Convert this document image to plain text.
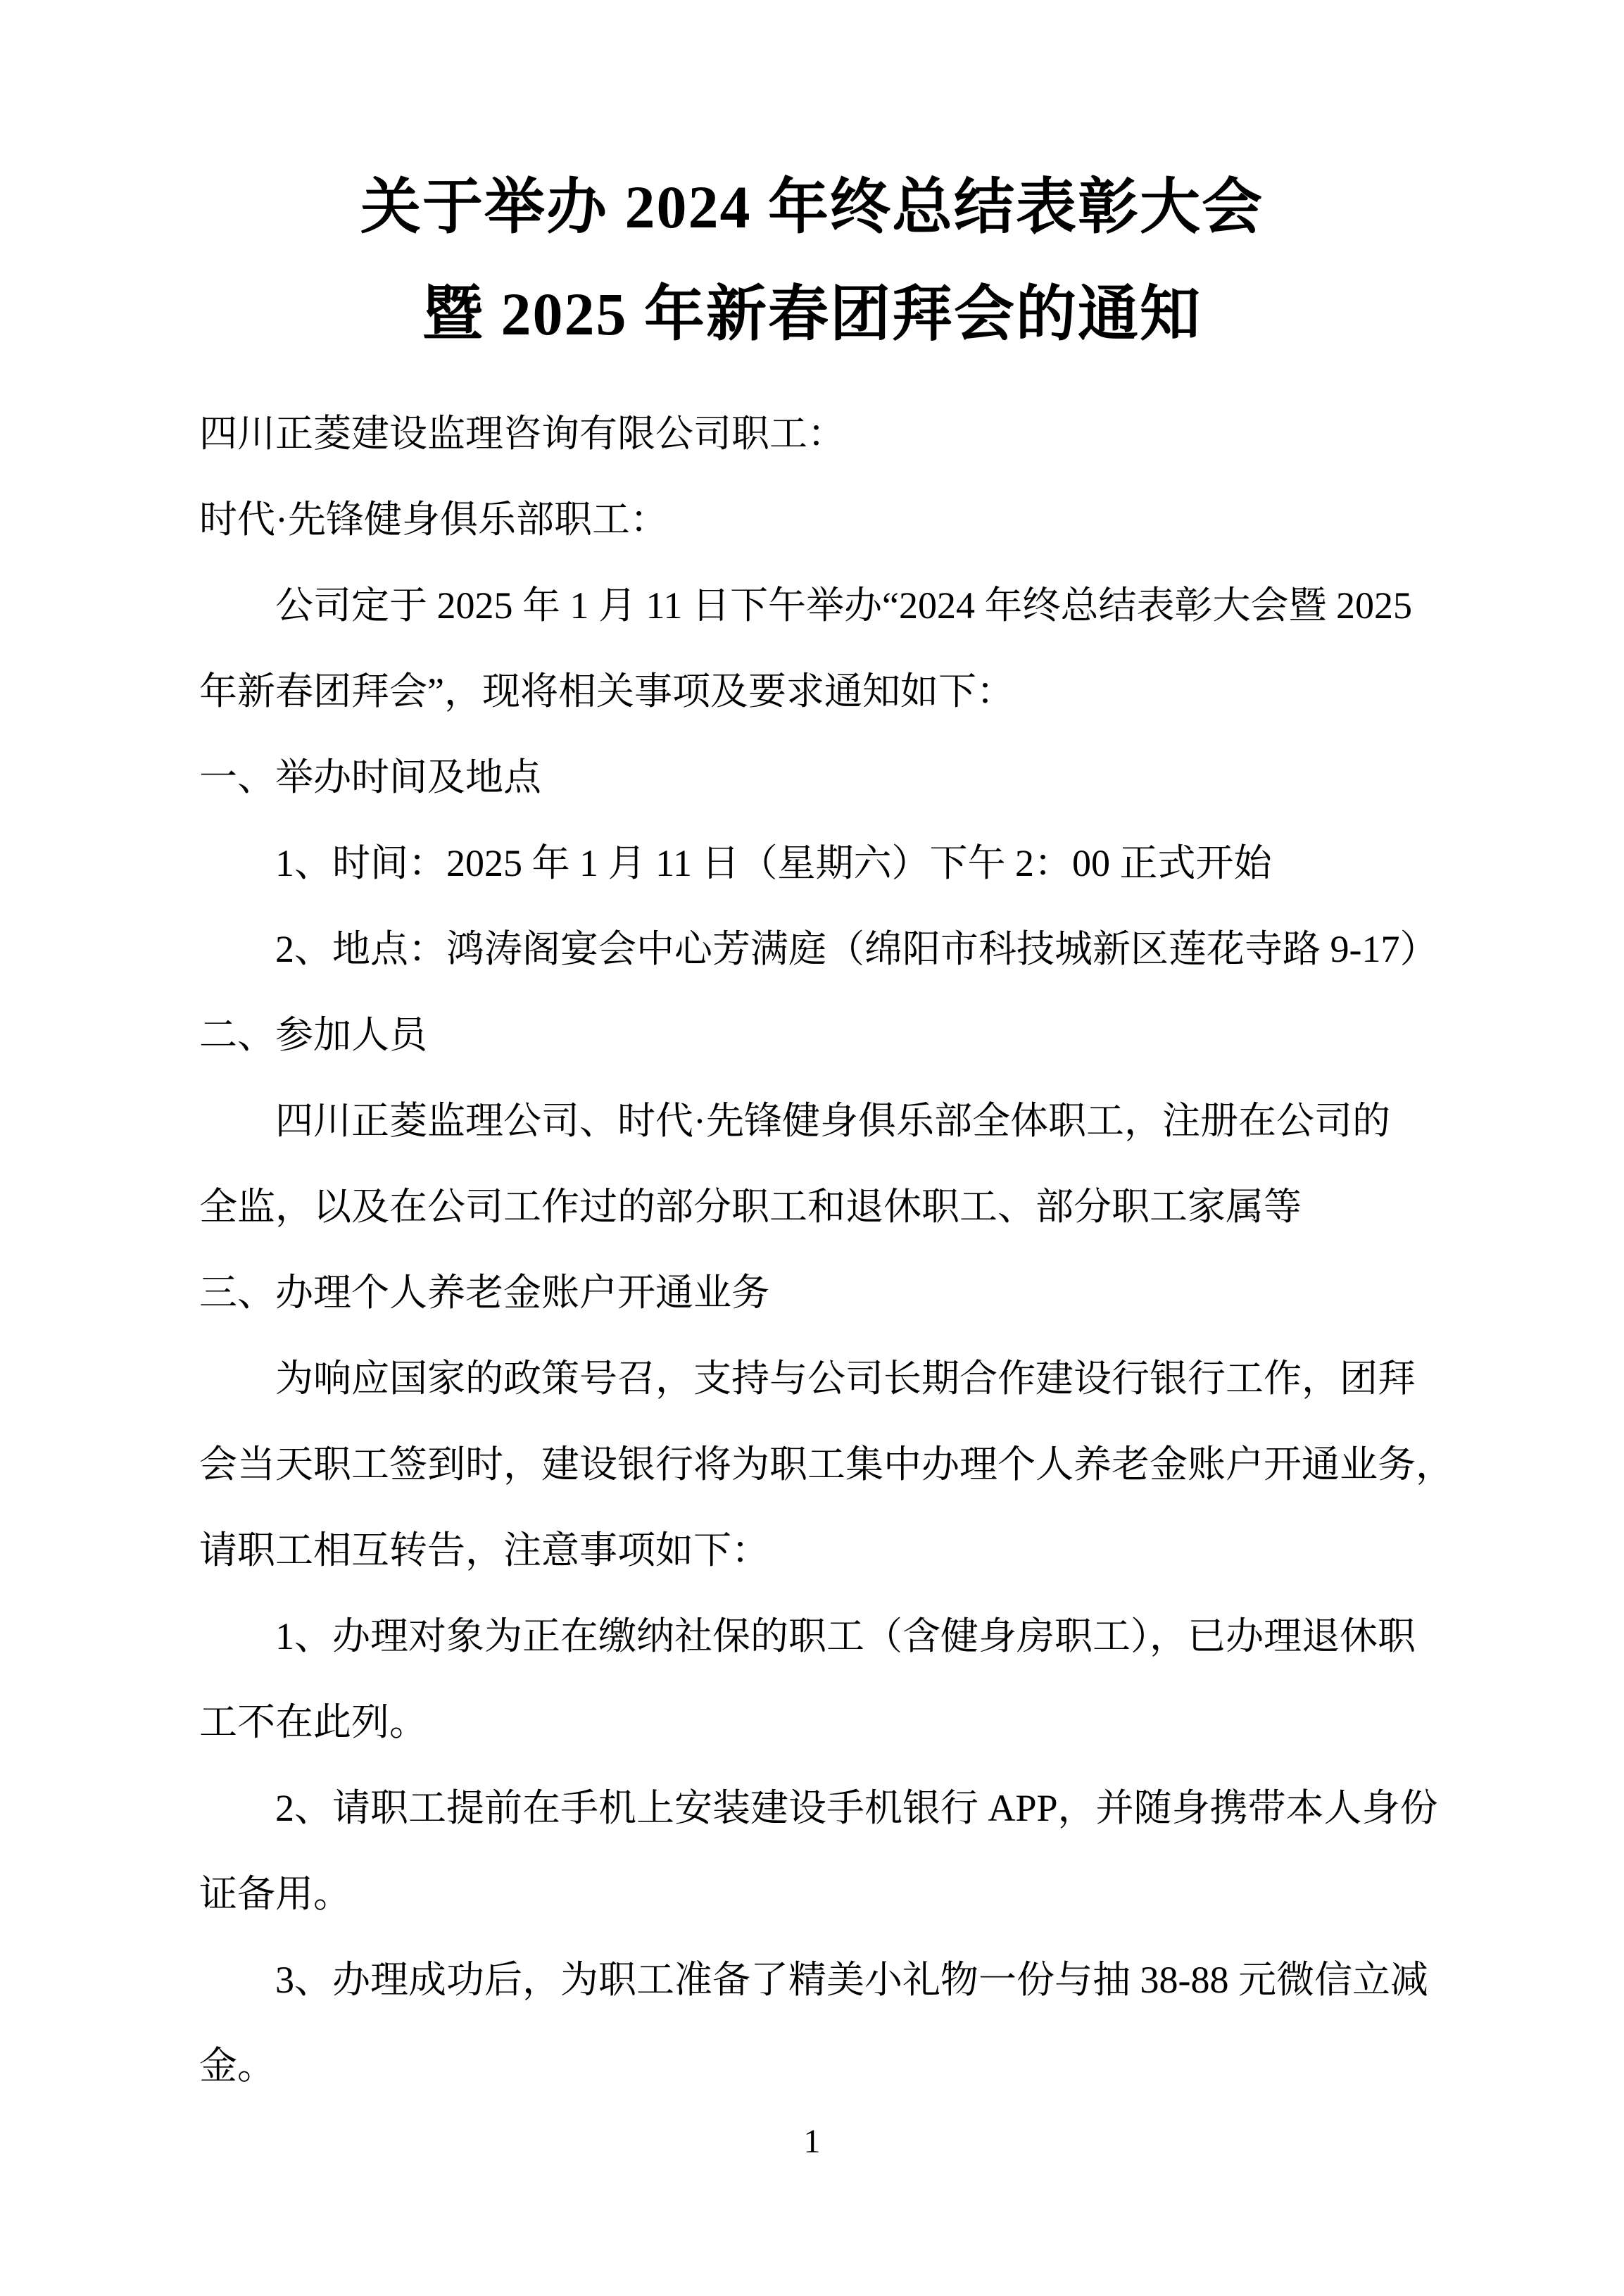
关于举办 2024 年终总结表彰大会
暨 2025 年新春团拜会的通知
四川正菱建设监理咨询有限公司职工：
时代·先锋健身俱乐部职工：
公司定于 2025 年 1 月 11 日下午举办“2024 年终总结表彰大会暨 2025
年新春团拜会”，现将相关事项及要求通知如下：
一、举办时间及地点
1、时间：2025 年 1 月 11 日（星期六）下午 2：00 正式开始
2、地点：鸿涛阁宴会中心芳满庭（绵阳市科技城新区莲花寺路 9-17）
二、参加人员
四川正菱监理公司、时代·先锋健身俱乐部全体职工，注册在公司的
全监，以及在公司工作过的部分职工和退休职工、部分职工家属等
三、办理个人养老金账户开通业务
为响应国家的政策号召，支持与公司长期合作建设行银行工作，团拜
会当天职工签到时，建设银行将为职工集中办理个人养老金账户开通业务，
请职工相互转告，注意事项如下：
1、办理对象为正在缴纳社保的职工（含健身房职工），已办理退休职
工不在此列。
2、请职工提前在手机上安装建设手机银行 APP，并随身携带本人身份
证备用。
3、办理成功后，为职工准备了精美小礼物一份与抽 38-88 元微信立减
金。
1
